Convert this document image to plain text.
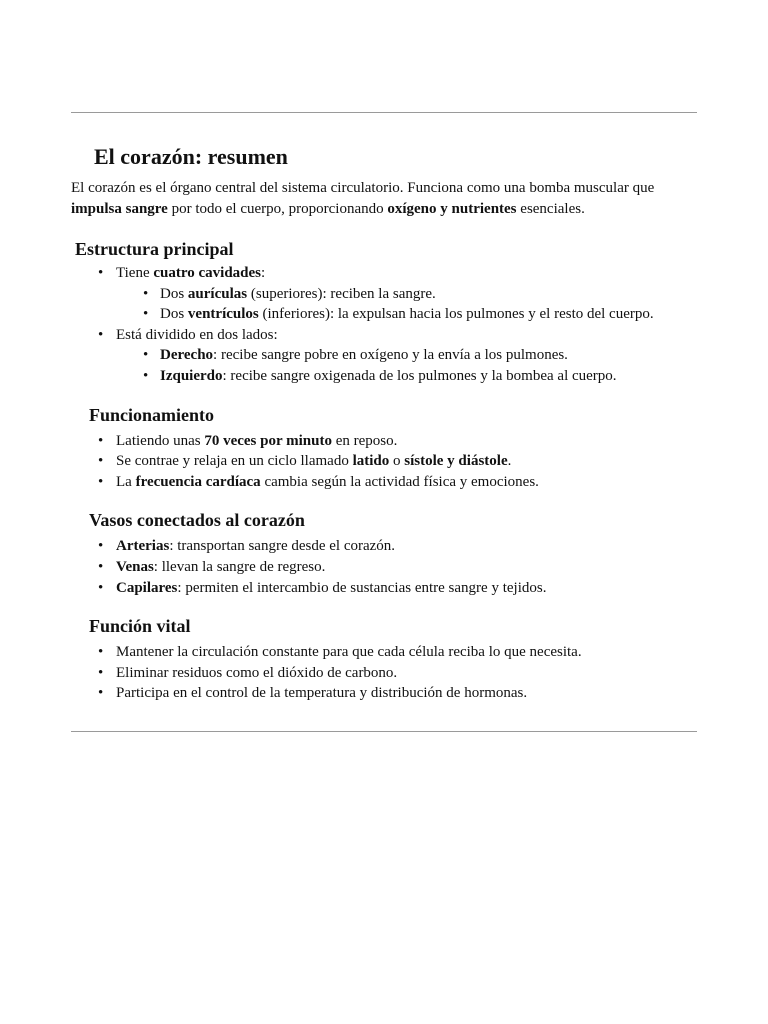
El corazón: resumen

El corazón es el órgano central del sistema circulatorio. Funciona como una bomba muscular que impulsa sangre por todo el cuerpo, proporcionando oxígeno y nutrientes esenciales.

Estructura principal
• Tiene cuatro cavidades:
• Dos aurículas (superiores): reciben la sangre.
• Dos ventrículos (inferiores): la expulsan hacia los pulmones y el resto del cuerpo.
• Está dividido en dos lados:
• Derecho: recibe sangre pobre en oxígeno y la envía a los pulmones.
• Izquierdo: recibe sangre oxigenada de los pulmones y la bombea al cuerpo.
Funcionamiento
• Latiendo unas 70 veces por minuto en reposo.
• Se contrae y relaja en un ciclo llamado latido o sístole y diástole.
• La frecuencia cardíaca cambia según la actividad física y emociones.
Vasos conectados al corazón
• Arterias: transportan sangre desde el corazón.
• Venas: llevan la sangre de regreso.
• Capilares: permiten el intercambio de sustancias entre sangre y tejidos.
Función vital
• Mantener la circulación constante para que cada célula reciba lo que necesita.
• Eliminar residuos como el dióxido de carbono.
• Participa en el control de la temperatura y distribución de hormonas.
